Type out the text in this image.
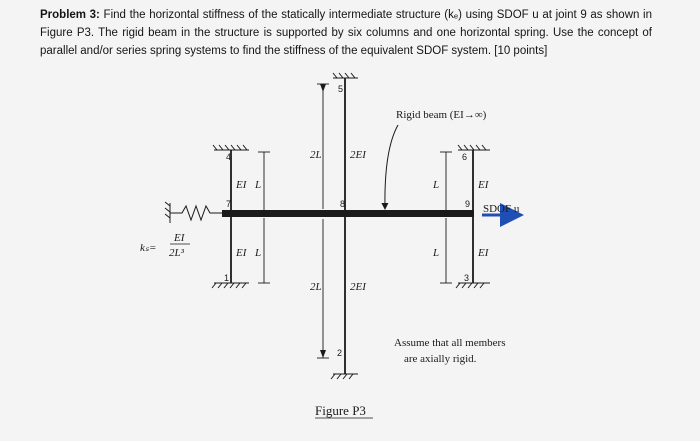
Problem 3: Find the horizontal stiffness of the statically intermediate structure (kₑ) using SDOF u at joint 9 as shown in Figure P3. The rigid beam in the structure is supported by six columns and one horizontal spring. Use the concept of parallel and/or series spring systems to find the stiffness of the equivalent SDOF system. [10 points]
Rigid beam (EI→∞)
SDOF u
kₛ=
EI
2L³
EI L
EI L
2L	2EI
2L	2EI
L	EI
L	EI
1
2
3
4
5
6
7	8	9
Assume that all members
are axially rigid.
Figure P3
